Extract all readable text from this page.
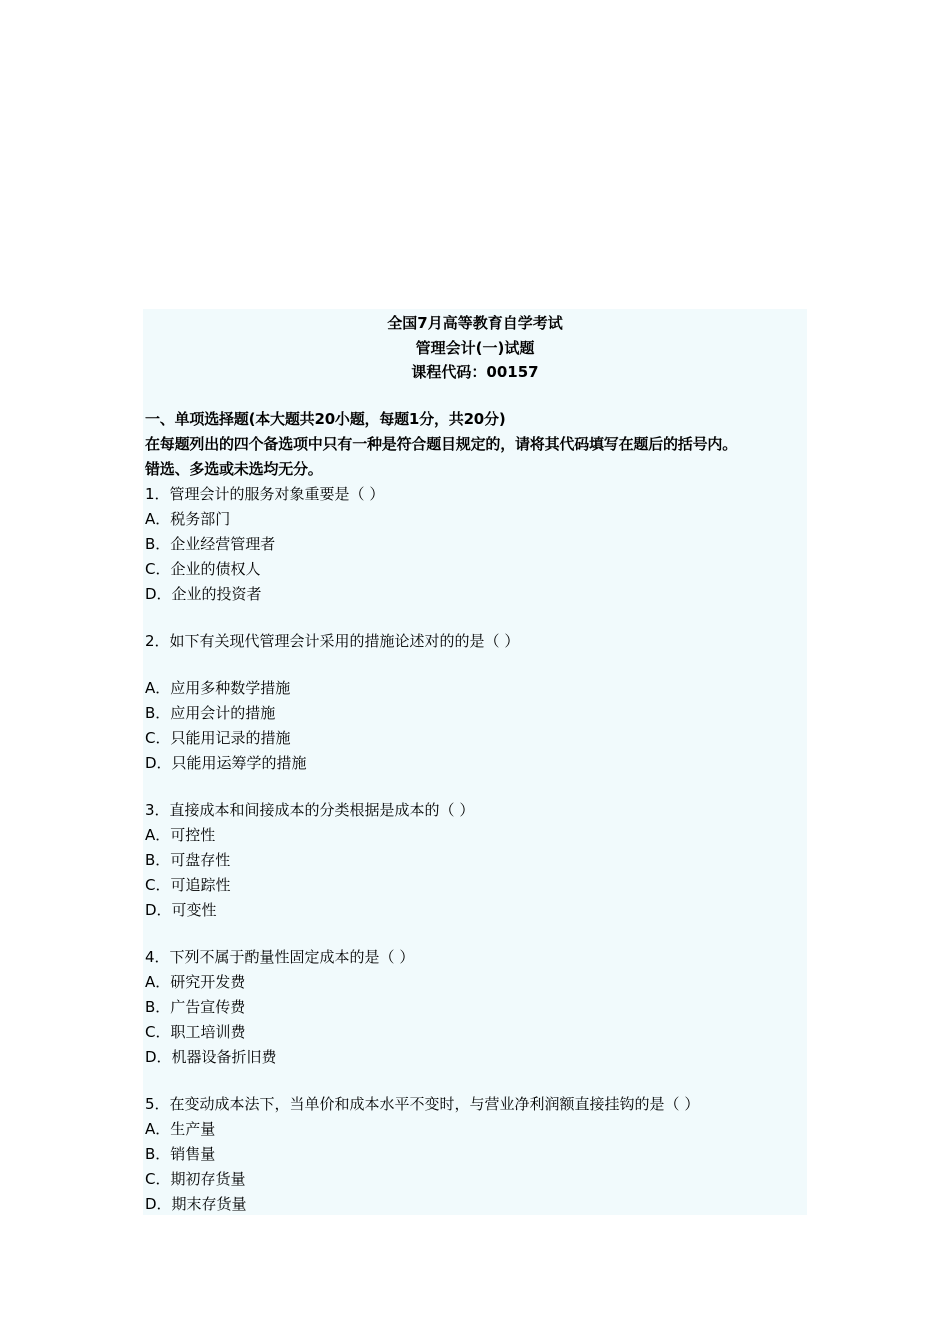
全国7月高等教育自学考试
管理会计(一)试题
课程代码：00157
一、单项选择题(本大题共20小题，每题1分，共20分)
在每题列出的四个备选项中只有一种是符合题目规定的，请将其代码填写在题后的括号内。
错选、多选或未选均无分。
1．管理会计的服务对象重要是（ ）
A．税务部门
B．企业经营管理者
C．企业的债权人
D．企业的投资者
2．如下有关现代管理会计采用的措施论述对的的是（ ）
A．应用多种数学措施
B．应用会计的措施
C．只能用记录的措施
D．只能用运筹学的措施
3．直接成本和间接成本的分类根据是成本的（ ）
A．可控性
B．可盘存性
C．可追踪性
D．可变性
4．下列不属于酌量性固定成本的是（ ）
A．研究开发费
B．广告宣传费
C．职工培训费
D．机器设备折旧费
5．在变动成本法下，当单价和成本水平不变时，与营业净利润额直接挂钩的是（ ）
A．生产量
B．销售量
C．期初存货量
D．期末存货量
